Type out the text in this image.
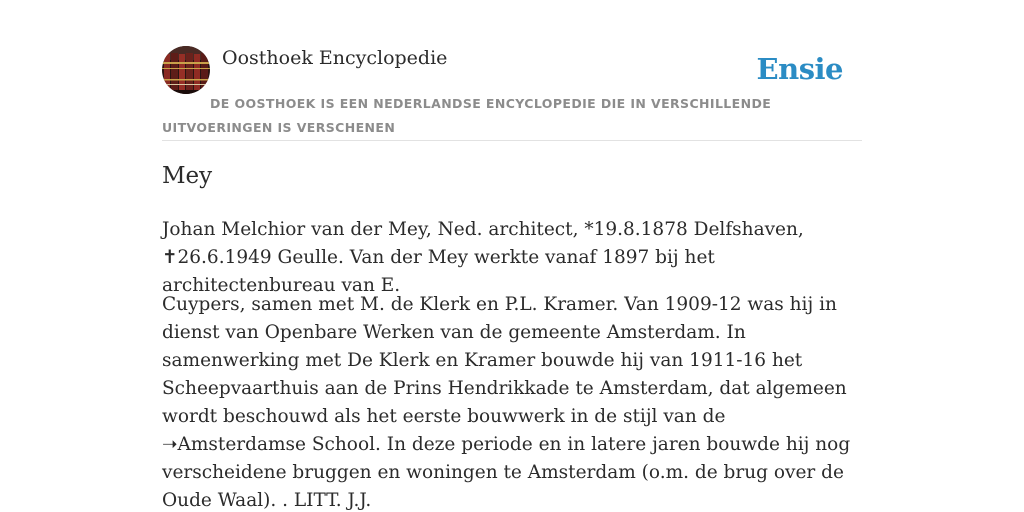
Oosthoek Encyclopedie	Ensie
DE OOSTHOEK IS EEN NEDERLANDSE ENCYCLOPEDIE DIE IN VERSCHILLENDE UITVOERINGEN IS VERSCHENEN
Mey

Johan Melchior van der Mey, Ned. architect, *19.8.1878 Delfshaven, ✝26.6.1949 Geulle. Van der Mey werkte vanaf 1897 bij het architectenbureau van E.

Cuypers, samen met M. de Klerk en P.L. Kramer. Van 1909-12 was hij in dienst van Openbare Werken van de gemeente Amsterdam. In samenwerking met De Klerk en Kramer bouwde hij van 1911-16 het Scheepvaarthuis aan de Prins Hendrikkade te Amsterdam, dat algemeen wordt beschouwd als het eerste bouwwerk in de stijl van de ➝Amsterdamse School. In deze periode en in latere jaren bouwde hij nog verscheidene bruggen en woningen te Amsterdam (o.m. de brug over de Oude Waal). . LITT. J.J.
